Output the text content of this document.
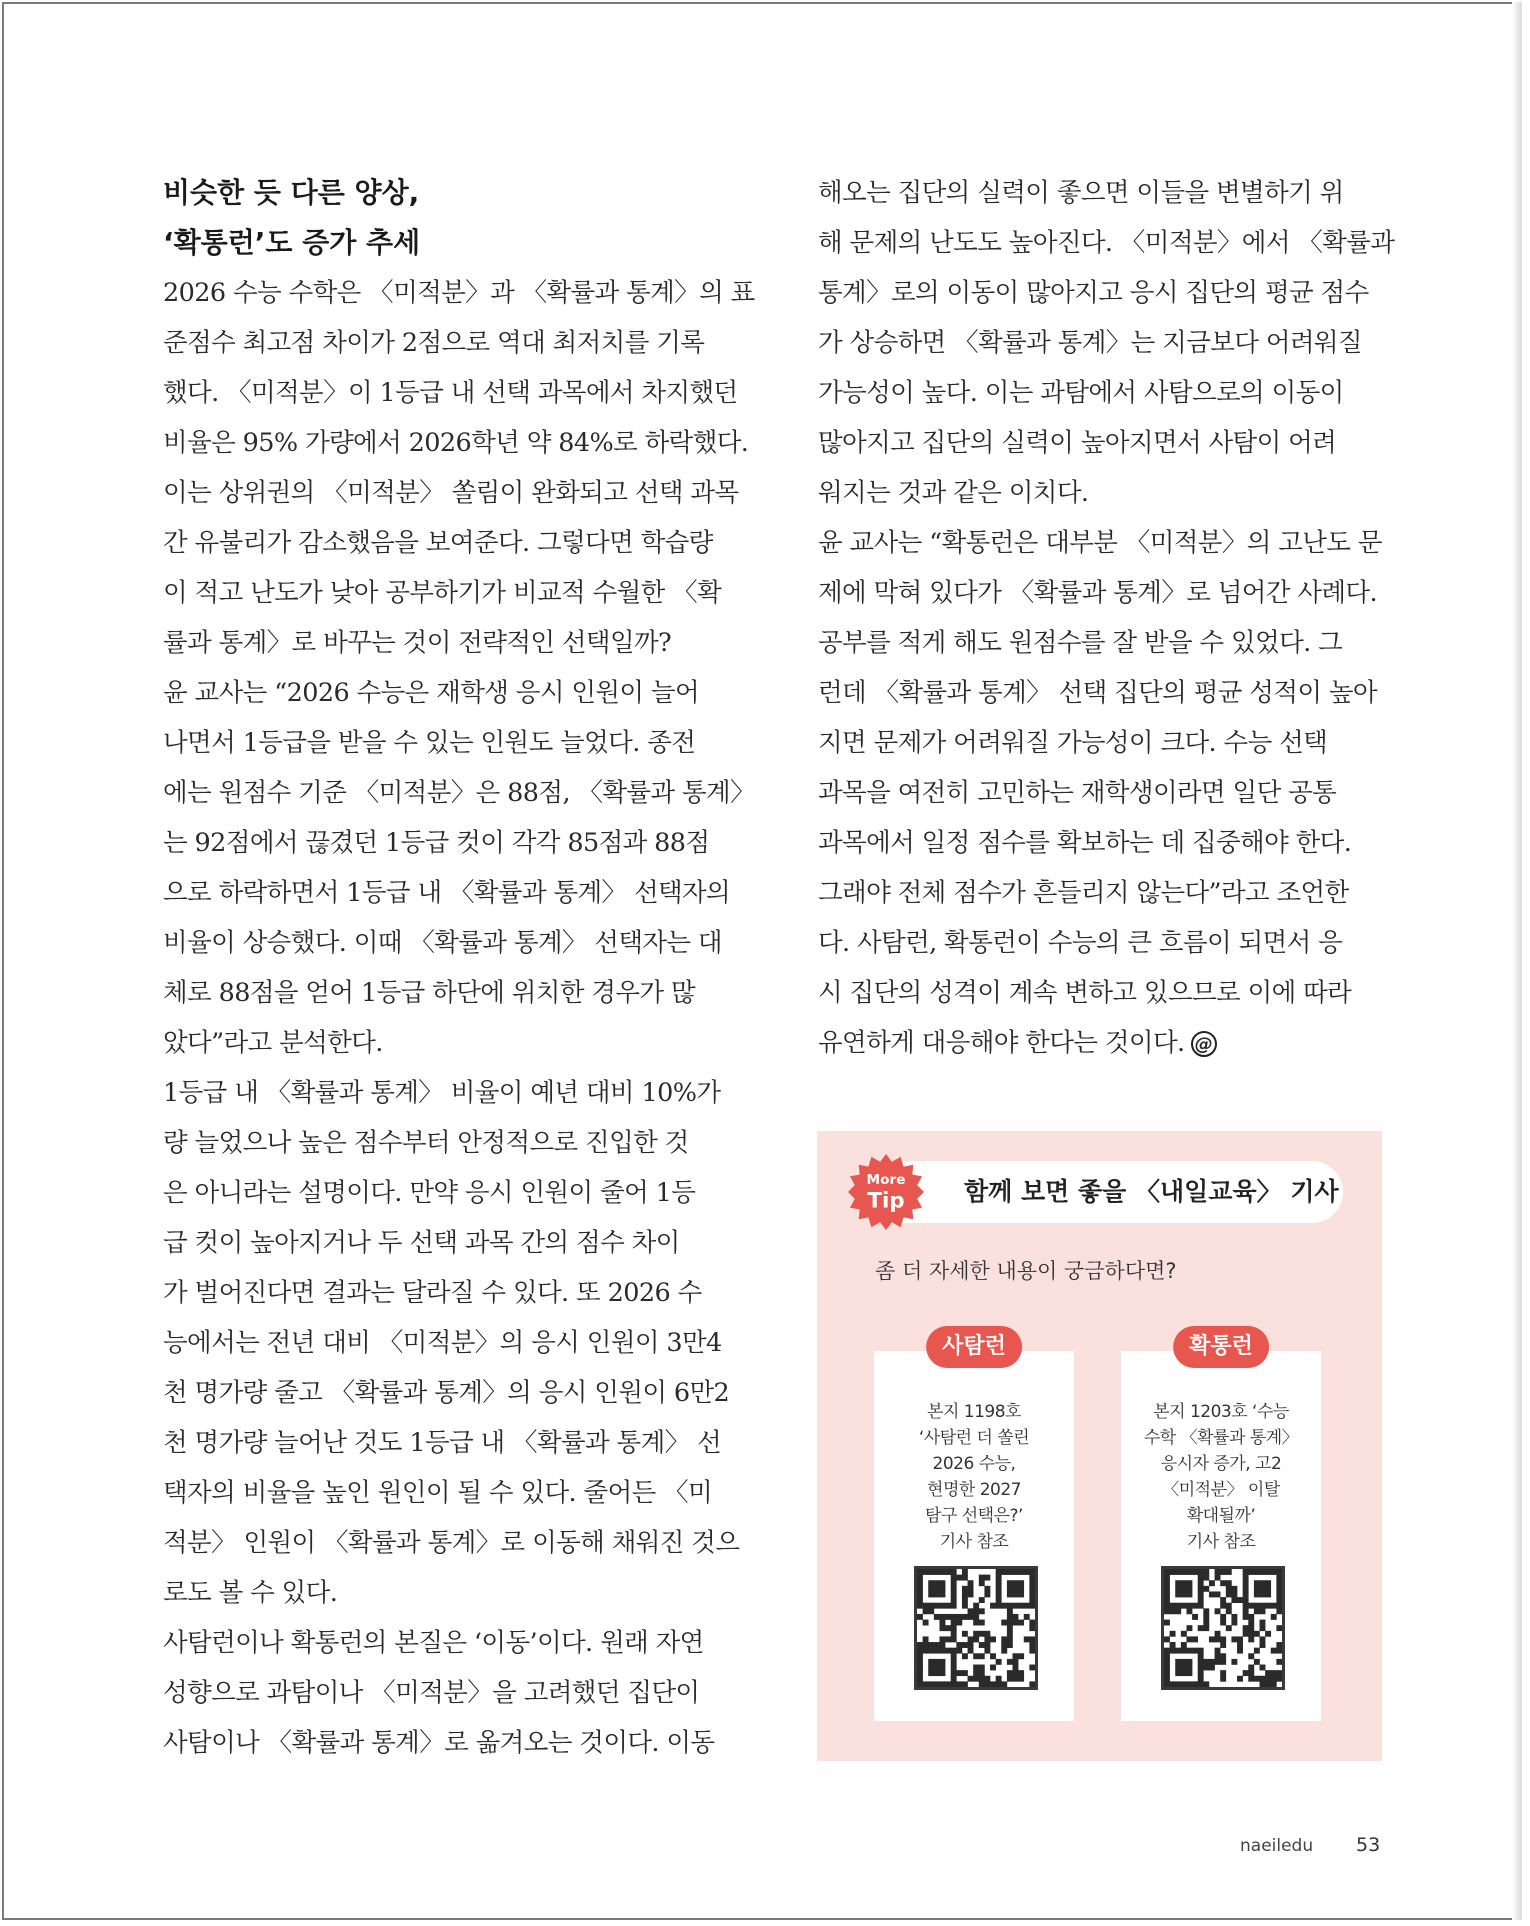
비슷한 듯 다른 양상,
‘확통런’도 증가 추세

2026 수능 수학은 〈미적분〉과 〈확률과 통계〉의 표
준점수 최고점 차이가 2점으로 역대 최저치를 기록
했다. 〈미적분〉이 1등급 내 선택 과목에서 차지했던
비율은 95% 가량에서 2026학년 약 84%로 하락했다.
이는 상위권의 〈미적분〉 쏠림이 완화되고 선택 과목
간 유불리가 감소했음을 보여준다. 그렇다면 학습량
이 적고 난도가 낮아 공부하기가 비교적 수월한 〈확
률과 통계〉로 바꾸는 것이 전략적인 선택일까?

윤 교사는 “2026 수능은 재학생 응시 인원이 늘어
나면서 1등급을 받을 수 있는 인원도 늘었다. 종전
에는 원점수 기준 〈미적분〉은 88점, 〈확률과 통계〉
는 92점에서 끊겼던 1등급 컷이 각각 85점과 88점
으로 하락하면서 1등급 내 〈확률과 통계〉 선택자의
비율이 상승했다. 이때 〈확률과 통계〉 선택자는 대
체로 88점을 얻어 1등급 하단에 위치한 경우가 많
았다”라고 분석한다.

1등급 내 〈확률과 통계〉 비율이 예년 대비 10%가
량 늘었으나 높은 점수부터 안정적으로 진입한 것
은 아니라는 설명이다. 만약 응시 인원이 줄어 1등
급 컷이 높아지거나 두 선택 과목 간의 점수 차이
가 벌어진다면 결과는 달라질 수 있다. 또 2026 수
능에서는 전년 대비 〈미적분〉의 응시 인원이 3만4
천 명가량 줄고 〈확률과 통계〉의 응시 인원이 6만2
천 명가량 늘어난 것도 1등급 내 〈확률과 통계〉 선
택자의 비율을 높인 원인이 될 수 있다. 줄어든 〈미
적분〉 인원이 〈확률과 통계〉로 이동해 채워진 것으
로도 볼 수 있다.

사탐런이나 확통런의 본질은 ‘이동’이다. 원래 자연
성향으로 과탐이나 〈미적분〉을 고려했던 집단이
사탐이나 〈확률과 통계〉로 옮겨오는 것이다. 이동

해오는 집단의 실력이 좋으면 이들을 변별하기 위
해 문제의 난도도 높아진다. 〈미적분〉에서 〈확률과
통계〉로의 이동이 많아지고 응시 집단의 평균 점수
가 상승하면 〈확률과 통계〉는 지금보다 어려워질
가능성이 높다. 이는 과탐에서 사탐으로의 이동이
많아지고 집단의 실력이 높아지면서 사탐이 어려
워지는 것과 같은 이치다.

윤 교사는 “확통런은 대부분 〈미적분〉의 고난도 문
제에 막혀 있다가 〈확률과 통계〉로 넘어간 사례다.
공부를 적게 해도 원점수를 잘 받을 수 있었다. 그
런데 〈확률과 통계〉 선택 집단의 평균 성적이 높아
지면 문제가 어려워질 가능성이 크다. 수능 선택
과목을 여전히 고민하는 재학생이라면 일단 공통
과목에서 일정 점수를 확보하는 데 집중해야 한다.
그래야 전체 점수가 흔들리지 않는다”라고 조언한
다. 사탐런, 확통런이 수능의 큰 흐름이 되면서 응
시 집단의 성격이 계속 변하고 있으므로 이에 따라
유연하게 대응해야 한다는 것이다. @

함께 보면 좋을 〈내일교육〉 기사
More
Tip
좀 더 자세한 내용이 궁금하다면?
사탐런
본지 1198호
‘사탐런 더 쏠린
2026 수능,
현명한 2027
탐구 선택은?’
기사 참조
확통런
본지 1203호 ‘수능
수학 〈확률과 통계〉
응시자 증가, 고2
〈미적분〉 이탈
확대될까’
기사 참조
naeiledu 53
